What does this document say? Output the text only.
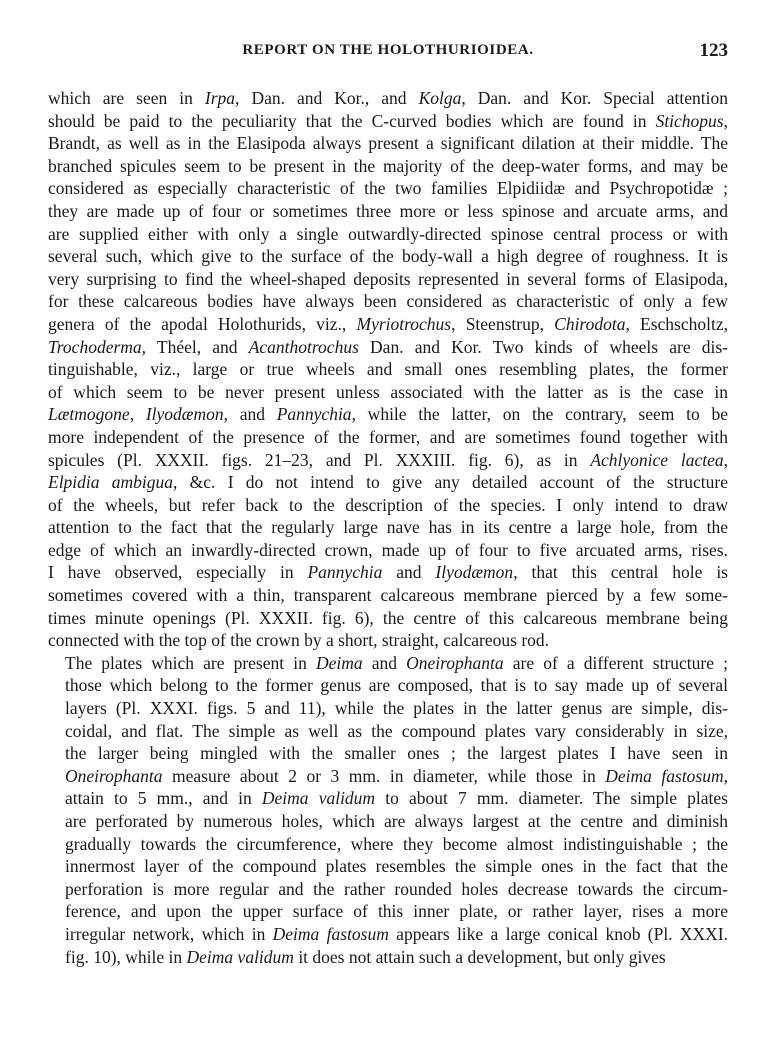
REPORT ON THE HOLOTHURIOIDEA.	123

which are seen in Irpa, Dan. and Kor., and Kolga, Dan. and Kor. Special attention
should be paid to the peculiarity that the C-curved bodies which are found in Stichopus,
Brandt, as well as in the Elasipoda always present a significant dilation at their middle. The
branched spicules seem to be present in the majority of the deep-water forms, and may be
considered as especially characteristic of the two families Elpidiidæ and Psychropotidæ ;
they are made up of four or sometimes three more or less spinose and arcuate arms, and
are supplied either with only a single outwardly-directed spinose central process or with
several such, which give to the surface of the body-wall a high degree of roughness. It is
very surprising to find the wheel-shaped deposits represented in several forms of Elasipoda,
for these calcareous bodies have always been considered as characteristic of only a few
genera of the apodal Holothurids, viz., Myriotrochus, Steenstrup, Chirodota, Eschscholtz,
Trochoderma, Théel, and Acanthotrochus Dan. and Kor. Two kinds of wheels are dis-
tinguishable, viz., large or true wheels and small ones resembling plates, the former
of which seem to be never present unless associated with the latter as is the case in
Lætmogone, Ilyodæmon, and Pannychia, while the latter, on the contrary, seem to be
more independent of the presence of the former, and are sometimes found together with
spicules (Pl. XXXII. figs. 21–23, and Pl. XXXIII. fig. 6), as in Achlyonice lactea,
Elpidia ambigua, &c. I do not intend to give any detailed account of the structure
of the wheels, but refer back to the description of the species. I only intend to draw
attention to the fact that the regularly large nave has in its centre a large hole, from the
edge of which an inwardly-directed crown, made up of four to five arcuated arms, rises.
I have observed, especially in Pannychia and Ilyodæmon, that this central hole is
sometimes covered with a thin, transparent calcareous membrane pierced by a few some-
times minute openings (Pl. XXXII. fig. 6), the centre of this calcareous membrane being
connected with the top of the crown by a short, straight, calcareous rod.

The plates which are present in Deima and Oneirophanta are of a different structure ;
those which belong to the former genus are composed, that is to say made up of several
layers (Pl. XXXI. figs. 5 and 11), while the plates in the latter genus are simple, dis-
coidal, and flat. The simple as well as the compound plates vary considerably in size,
the larger being mingled with the smaller ones ; the largest plates I have seen in
Oneirophanta measure about 2 or 3 mm. in diameter, while those in Deima fastosum,
attain to 5 mm., and in Deima validum to about 7 mm. diameter. The simple plates
are perforated by numerous holes, which are always largest at the centre and diminish
gradually towards the circumference, where they become almost indistinguishable ; the
innermost layer of the compound plates resembles the simple ones in the fact that the
perforation is more regular and the rather rounded holes decrease towards the circum-
ference, and upon the upper surface of this inner plate, or rather layer, rises a more
irregular network, which in Deima fastosum appears like a large conical knob (Pl. XXXI.
fig. 10), while in Deima validum it does not attain such a development, but only gives
